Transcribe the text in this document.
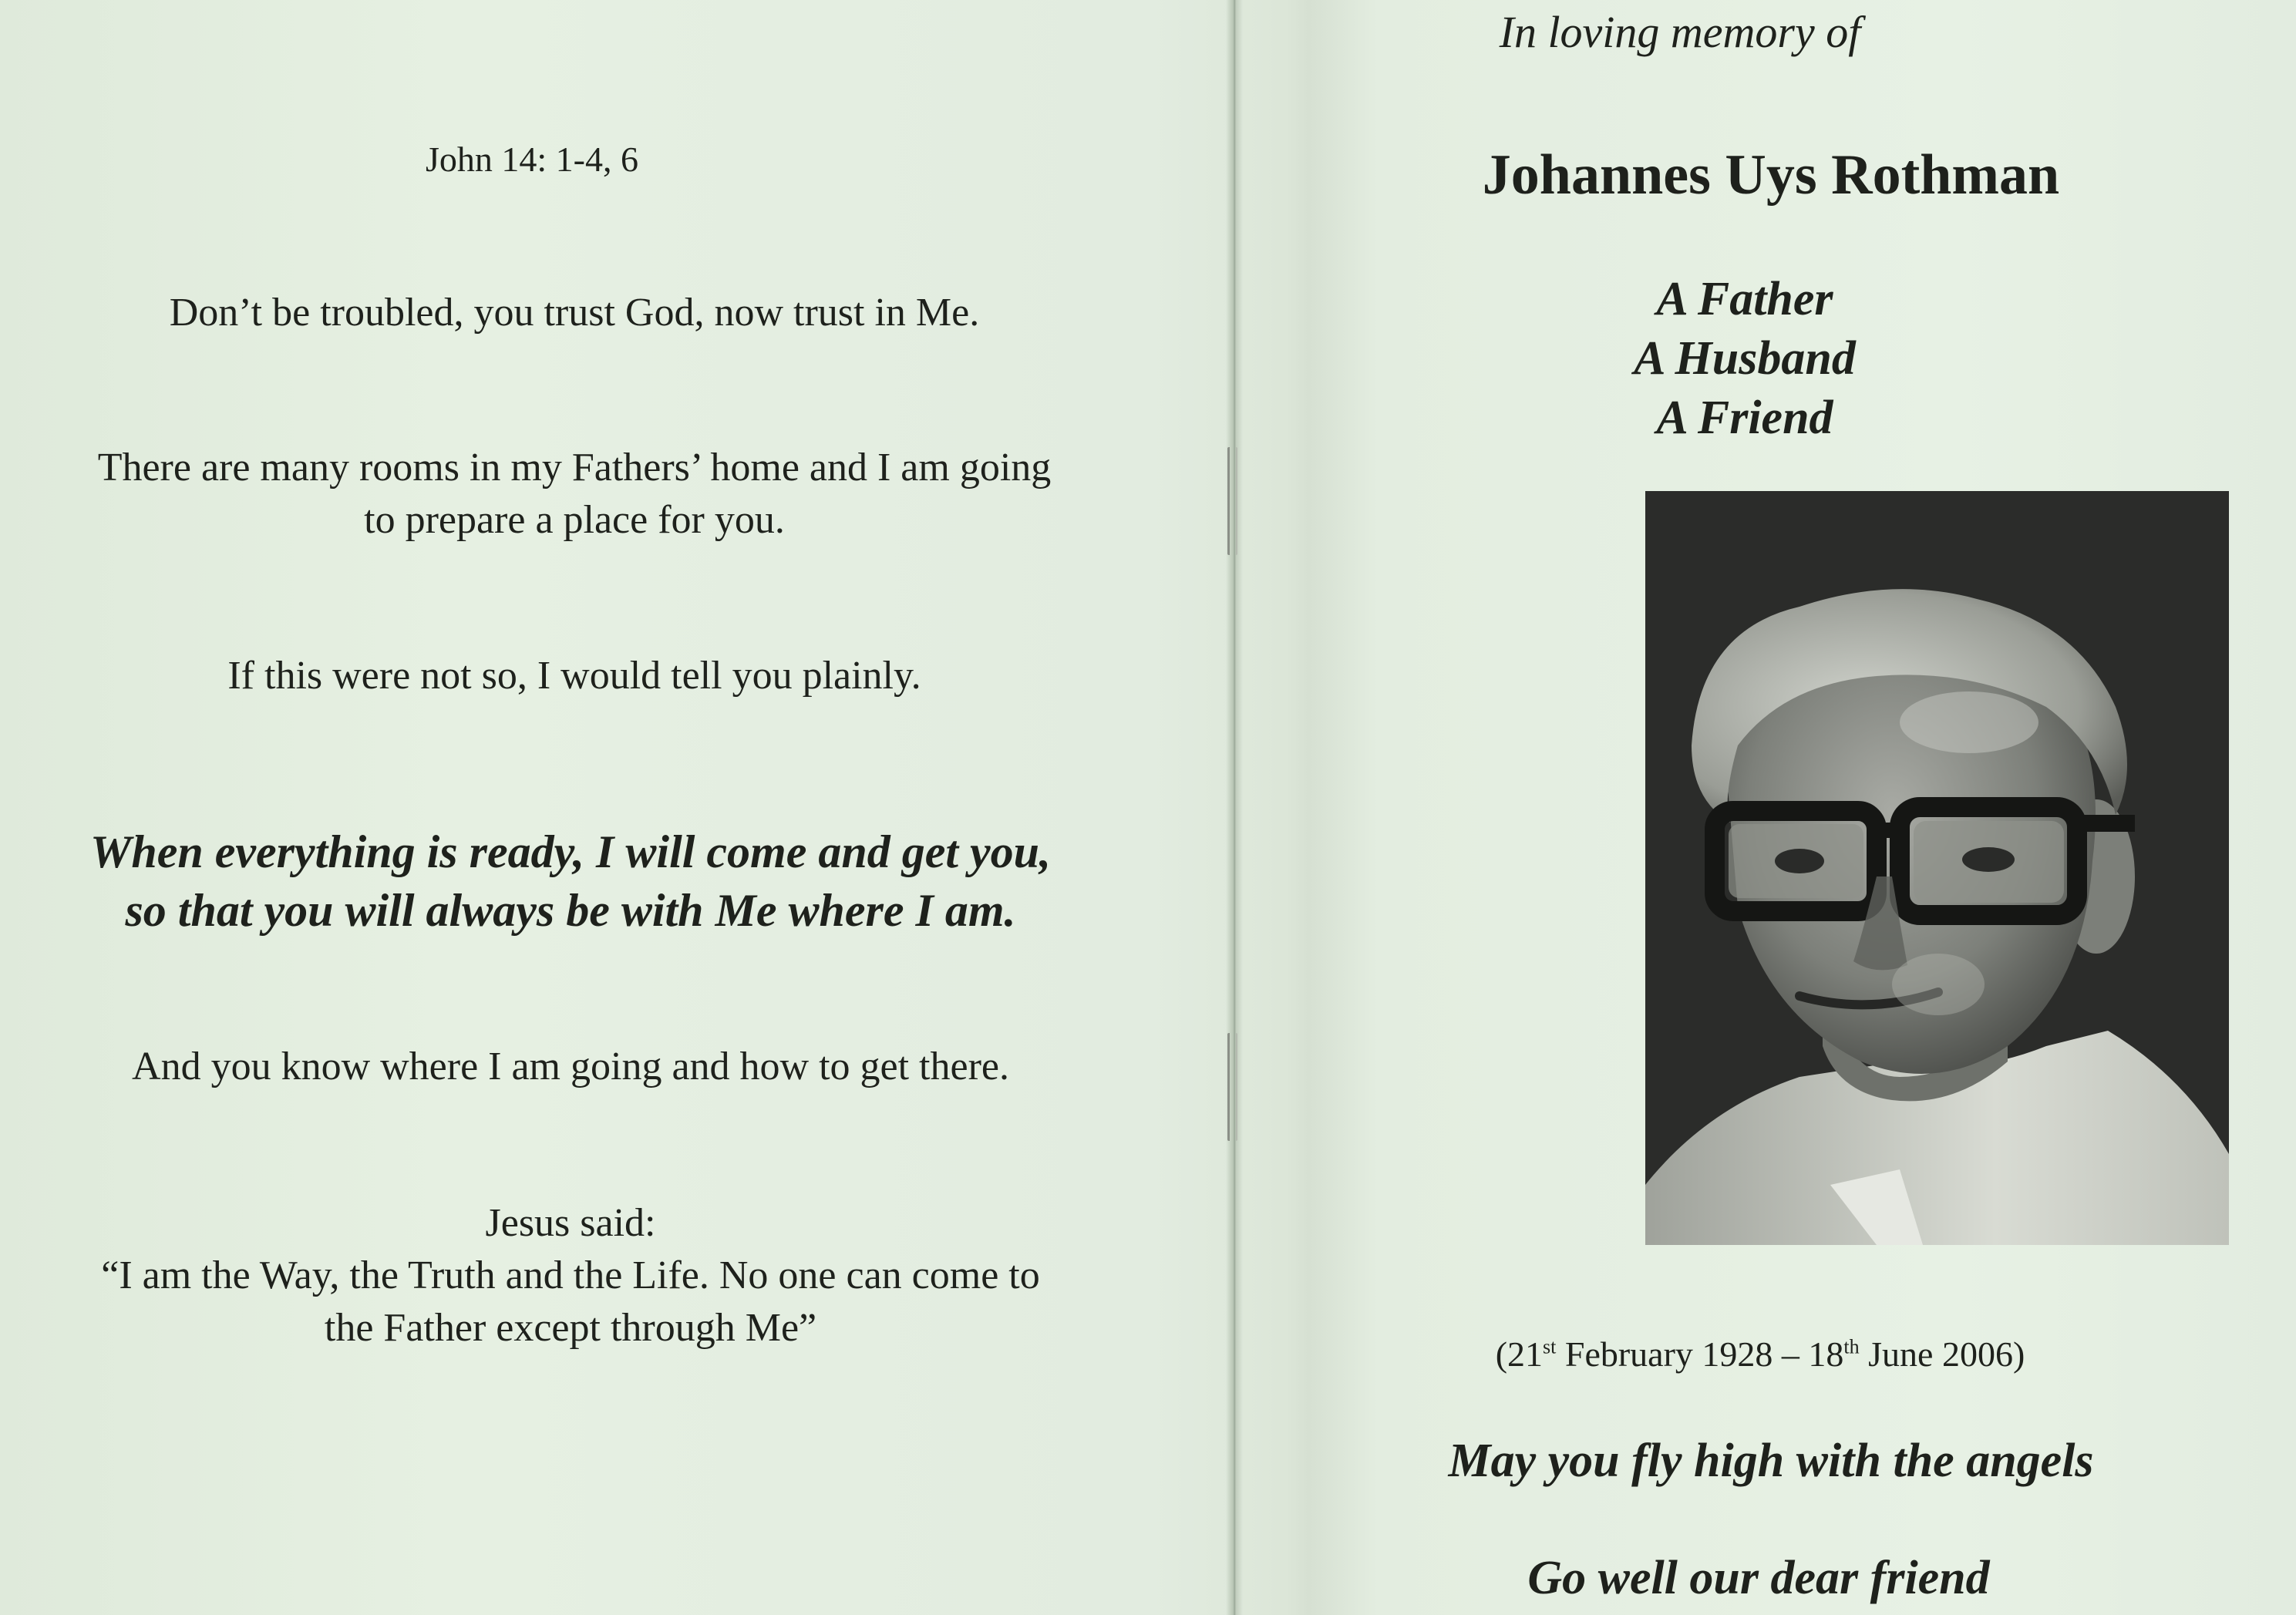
John 14: 1-4, 6

Don’t be troubled, you trust God, now trust in Me.

There are many rooms in my Fathers’ home and I am going
to prepare a place for you.

If this were not so, I would tell you plainly.

When everything is ready, I will come and get you,
so that you will always be with Me where I am.

And you know where I am going and how to get there.

Jesus said:
“I am the Way, the Truth and the Life. No one can come to
the Father except through Me”

In loving memory of

Johannes Uys Rothman

A Father
A Husband
A Friend

(21st February 1928 – 18th June 2006)

May you fly high with the angels

Go well our dear friend
